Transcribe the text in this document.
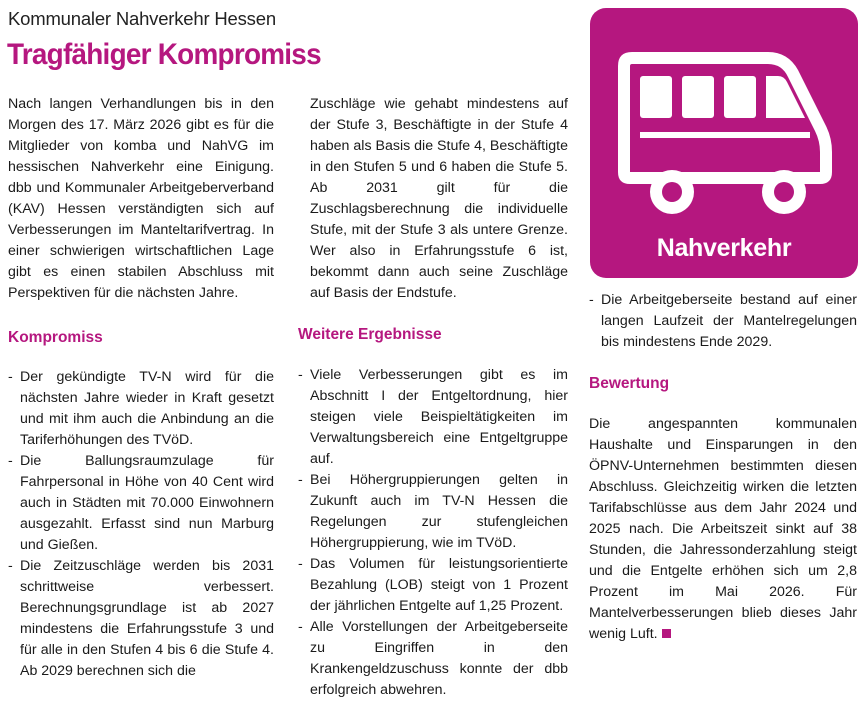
Kommunaler Nahverkehr Hessen
Tragfähiger Kompromiss

Nach langen Verhandlungen bis in den Morgen des 17. März 2026 gibt es für die Mitglieder von komba und NahVG im hessischen Nahverkehr eine Einigung. dbb und Kommunaler Arbeitgeberverband (KAV) Hessen verständigten sich auf Verbesserungen im Manteltarifvertrag. In einer schwierigen wirtschaftlichen Lage gibt es einen stabilen Abschluss mit Perspektiven für die nächsten Jahre.

Kompromiss
- Der gekündigte TV-N wird für die nächsten Jahre wieder in Kraft gesetzt und mit ihm auch die Anbindung an die Tariferhöhungen des TVöD.
- Die Ballungsraumzulage für Fahrpersonal in Höhe von 40 Cent wird auch in Städten mit 70.000 Einwohnern ausgezahlt. Erfasst sind nun Marburg und Gießen.
- Die Zeitzuschläge werden bis 2031 schrittweise verbessert. Berechnungsgrundlage ist ab 2027 mindestens die Erfahrungsstufe 3 und für alle in den Stufen 4 bis 6 die Stufe 4. Ab 2029 berechnen sich die

Zuschläge wie gehabt mindestens auf der Stufe 3, Beschäftigte in der Stufe 4 haben als Basis die Stufe 4, Beschäftigte in den Stufen 5 und 6 haben die Stufe 5. Ab 2031 gilt für die Zuschlagsberechnung die individuelle Stufe, mit der Stufe 3 als untere Grenze. Wer also in Erfahrungsstufe 6 ist, bekommt dann auch seine Zuschläge auf Basis der Endstufe.

Weitere Ergebnisse
- Viele Verbesserungen gibt es im Abschnitt I der Entgeltordnung, hier steigen viele Beispieltätigkeiten im Verwaltungsbereich eine Entgeltgruppe auf.
- Bei Höhergruppierungen gelten in Zukunft auch im TV-N Hessen die Regelungen zur stufengleichen Höhergruppierung, wie im TVöD.
- Das Volumen für leistungsorientierte Bezahlung (LOB) steigt von 1 Prozent der jährlichen Entgelte auf 1,25 Prozent.
- Alle Vorstellungen der Arbeitgeberseite zu Eingriffen in den Krankengeldzuschuss konnte der dbb erfolgreich abwehren.
- Die Arbeitgeberseite bestand auf einer langen Laufzeit der Mantelregelungen bis mindestens Ende 2029.
Bewertung

Die angespannten kommunalen Haushalte und Einsparungen in den ÖPNV-Unternehmen bestimmten diesen Abschluss. Gleichzeitig wirken die letzten Tarifabschlüsse aus dem Jahr 2024 und 2025 nach. Die Arbeitszeit sinkt auf 38 Stunden, die Jahressonderzahlung steigt und die Entgelte erhöhen sich um 2,8 Prozent im Mai 2026. Für Mantelverbesserungen blieb dieses Jahr wenig Luft.

Nahverkehr
